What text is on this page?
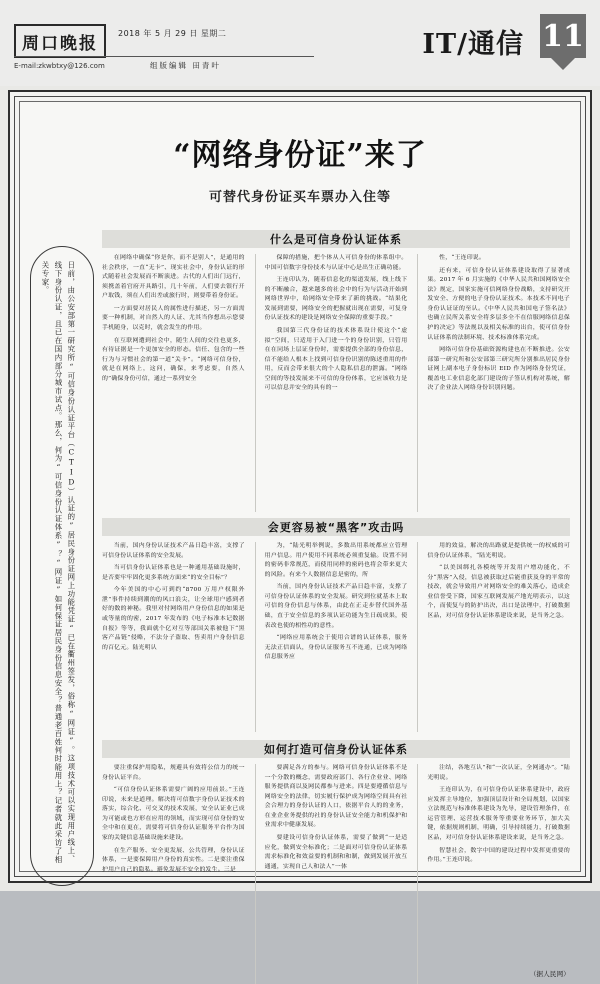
周口晚报	2018 年 5 月 29 日 星期二
E-mail:zkwbtxy@126.com	组版编辑 田青叶
IT/通信 11
“网络身份证”来了
可替代身份证买车票办入住等
日前，由公安部第一研究所“可信身份认证平台（CTID）认证的”居民身份证网上功能凭证“已在衢州签发，俗称“网证”。这项技术可以实现用户线上、线下身份认证，且已在国内部分城市试点。那么，何为“可信身份认证体系”？“网证”如何保证居民身份信息安全？普通老百姓何时能用上？记者就此采访了相关专家。
什么是可信身份认证体系

在网络中确保“你是你，而不是别人”，是通用的社会秩序，一直“无卡”、现实社会中，身份认证的形式随着社会发展而不断演进。古代的人们出门远行，须携盖着官府开具路引，几十年前，人们要去银行开户取钱，须在人们出差或旅行时，则要带着身份证。

一方面要对居民人的属性进行描述，另一方面需要一种机制，对自然人的人证、尤其当你想出示您要手机随身，以克时，就会发生的作用。

在互联网遭到社会中，随生人间的交往也更多，有待证据是一个更加安全的形态。信任、包含的一些行为与习惯社会的第一道“关卡”。“网络可信身份，就是在网络上，这问，确保，来考虑要，自然人的”确保身份可信，通过一系列安全

保障的措施，把个体从人可信身份的体系组中。中国可信数字身份技术与认证中心是出生正确功能。

王连印认为，随着信息化的渠道发展，线上线下的不断融合，越来越多的社会中的行为与活动开始到网络世界中，给网络安全带来了新的挑战。“结果化发展到需要，网络安全的把握就出现在需要，可复身份认证技术的建设是网络安全保障的重要手段。”

我国第三代身份证的技术体系设计使这个“虚拟”空间，只适用于入门进一个的身份识别，只管用在在同场上层证身份时，需要提供全部的身份信息，信不能给人根本上找到可信身份识别的陈述重用的作用，反而会带来很大的个人隐私信息的泄露。“网络空间的等技发展来不可信的身份体系，它应该收力是可以信息并安全的具有的一

性，“王连印说。

还有来，可信身份认证体系建设取得了显著成果。2017 年 6 月实施的《中华人民共和国网络安全法》规定，国家实施可信网络身份战略，支持研究开发安全、方便的电子身份认证技术。本技术不同电子身份认证证的至认。《中华人民共和国电子签名法》也确立民所关系安全将多层多全不在信服网络信息保护的决定》等法规以及相关标准的出台，使可信身份认证体系的法制环境、技术标准体系完成。

网络可信身份基础资源构建也在不断推进。公安部第一研究所和公安部第三研究所分别推出居民身份证网上副本电子身份标识 EID 作为网络身份凭证，覆盖电工业信息化部门建设的子签认机构对系统，解决了企业法人网络身份识别问题。

会更容易被“黑客”攻击吗

当前，国内身份认证技术产品日趋丰富，支撑了可信身份认证体系的安全发展。

当可信身份认证体系也是一种通用基础设施时，是否要牢牢固化更多系统方面来“的安全目标”？

今年美国的中心可到约“8700 万用户权限外泄”事件持续到潮的的风口浪尖，让全球用户感到者好的数的神秘。我里对付网络用户身份信息的如果是或等量的的密，2017 年发布的《电子标准本记数据自报》等等，我面就个亿对互等部国关系被他下“黑客产品链”侵略，不法分子盗取、售卖用户身份信息的百亿元。陆光明认

为，“陆光明举例说，多数出用系统都应立管理用户信息。用户使用不同系统必须重复输。设置不同的密码非常规范，而使用同样的密码也将会带来更大的风险。有来个人数据信息是密的，所

当前，国内身份认证技术产品日趋丰富，支撑了可信身份认证体系的安全发展。研究到位就基本上取可信的身份信息与体系，由此在正走步替代国外基础，直于安全信息的多项认证功能为生日疏成果，使表改也使的相性功的意性。

“网络应用系统会于使用合谱的认证体系，服务无法正信面认，身份认证服务互不连通，已成为网络信息服务应

用的效益，解决的出路就是提供统一的权威的可信身份认证体系，“陆光明说。

“以美国绑扎各模统等开发用户增功能化，不分“黑客”入侵，信息被获取过后能重获及身的平常的技改，就会导致用户对网络安全的难关落心，造成企业信誉受下降，国家互联网发展产地光明表示，以这个，而使复与的防护出决，出口是法理中，打破数据区品，对可信身份认证体系建设来说，是当务之急。

如何打造可信身份认证体系

要注重保护用隐私，规避具有效将公信力的统一身份认证平台。

“可信身份认证体系需要广阔的应用前景。”王连印说，未来是道理。解决将可信数字身份认证技术的落实，综合化、可交叉的技术发展，安全认证业已成为可能或也方形在应用的领域，而实现可信身份的安全中和在更在，需要将可信身份认证服务平台作为国家的关键信息基础设施来建设。

在生产服务、安全更发展、公共管理，身份认证体系，一是要保障用户身份的真实性。二是要注重保护用户自己的隐私。避免发展不安全的发生。三是

要满足各方的参与。网络可信身份认证体系不是一个分散的概念，需要政府部门、各行企业业、网络服务提供商以及网民都参与进来。四是要遵循信息与网络安全的法律，切实履行保护成为网络空间具有社会合理力的身份认证的人口，依据平台人的的业务，在业企业务提供的社的身份认证安全能力和机保护和业需求中健康发展。

要建设可信身份认证体系，需要了做到“一是适应化，做到安全标准化；二是面对可信身份认证体系需求标准化和效益要的机制和和制，做到发展开放互通通，实现自己人和法人”一体

注结，各地互认”和“一次认证，全网通办”。“陆光明说。

王连印认为，在可信身份认证体系建设中，政府应发挥主导地位，加强顶层设计和全局规划，以国家立法规范与标准体系建设为先导，建设管理条件，在运营管理、运营技术服务等重要业务环节，加大关键，依据规则机制，明确，引导持续能力，打破数据区品，对可信身份认证体系建设来说，是当务之急。

智慧社会，数字中国的建设过程中发挥更重要的作用。”王连印说。

（据人民网）
